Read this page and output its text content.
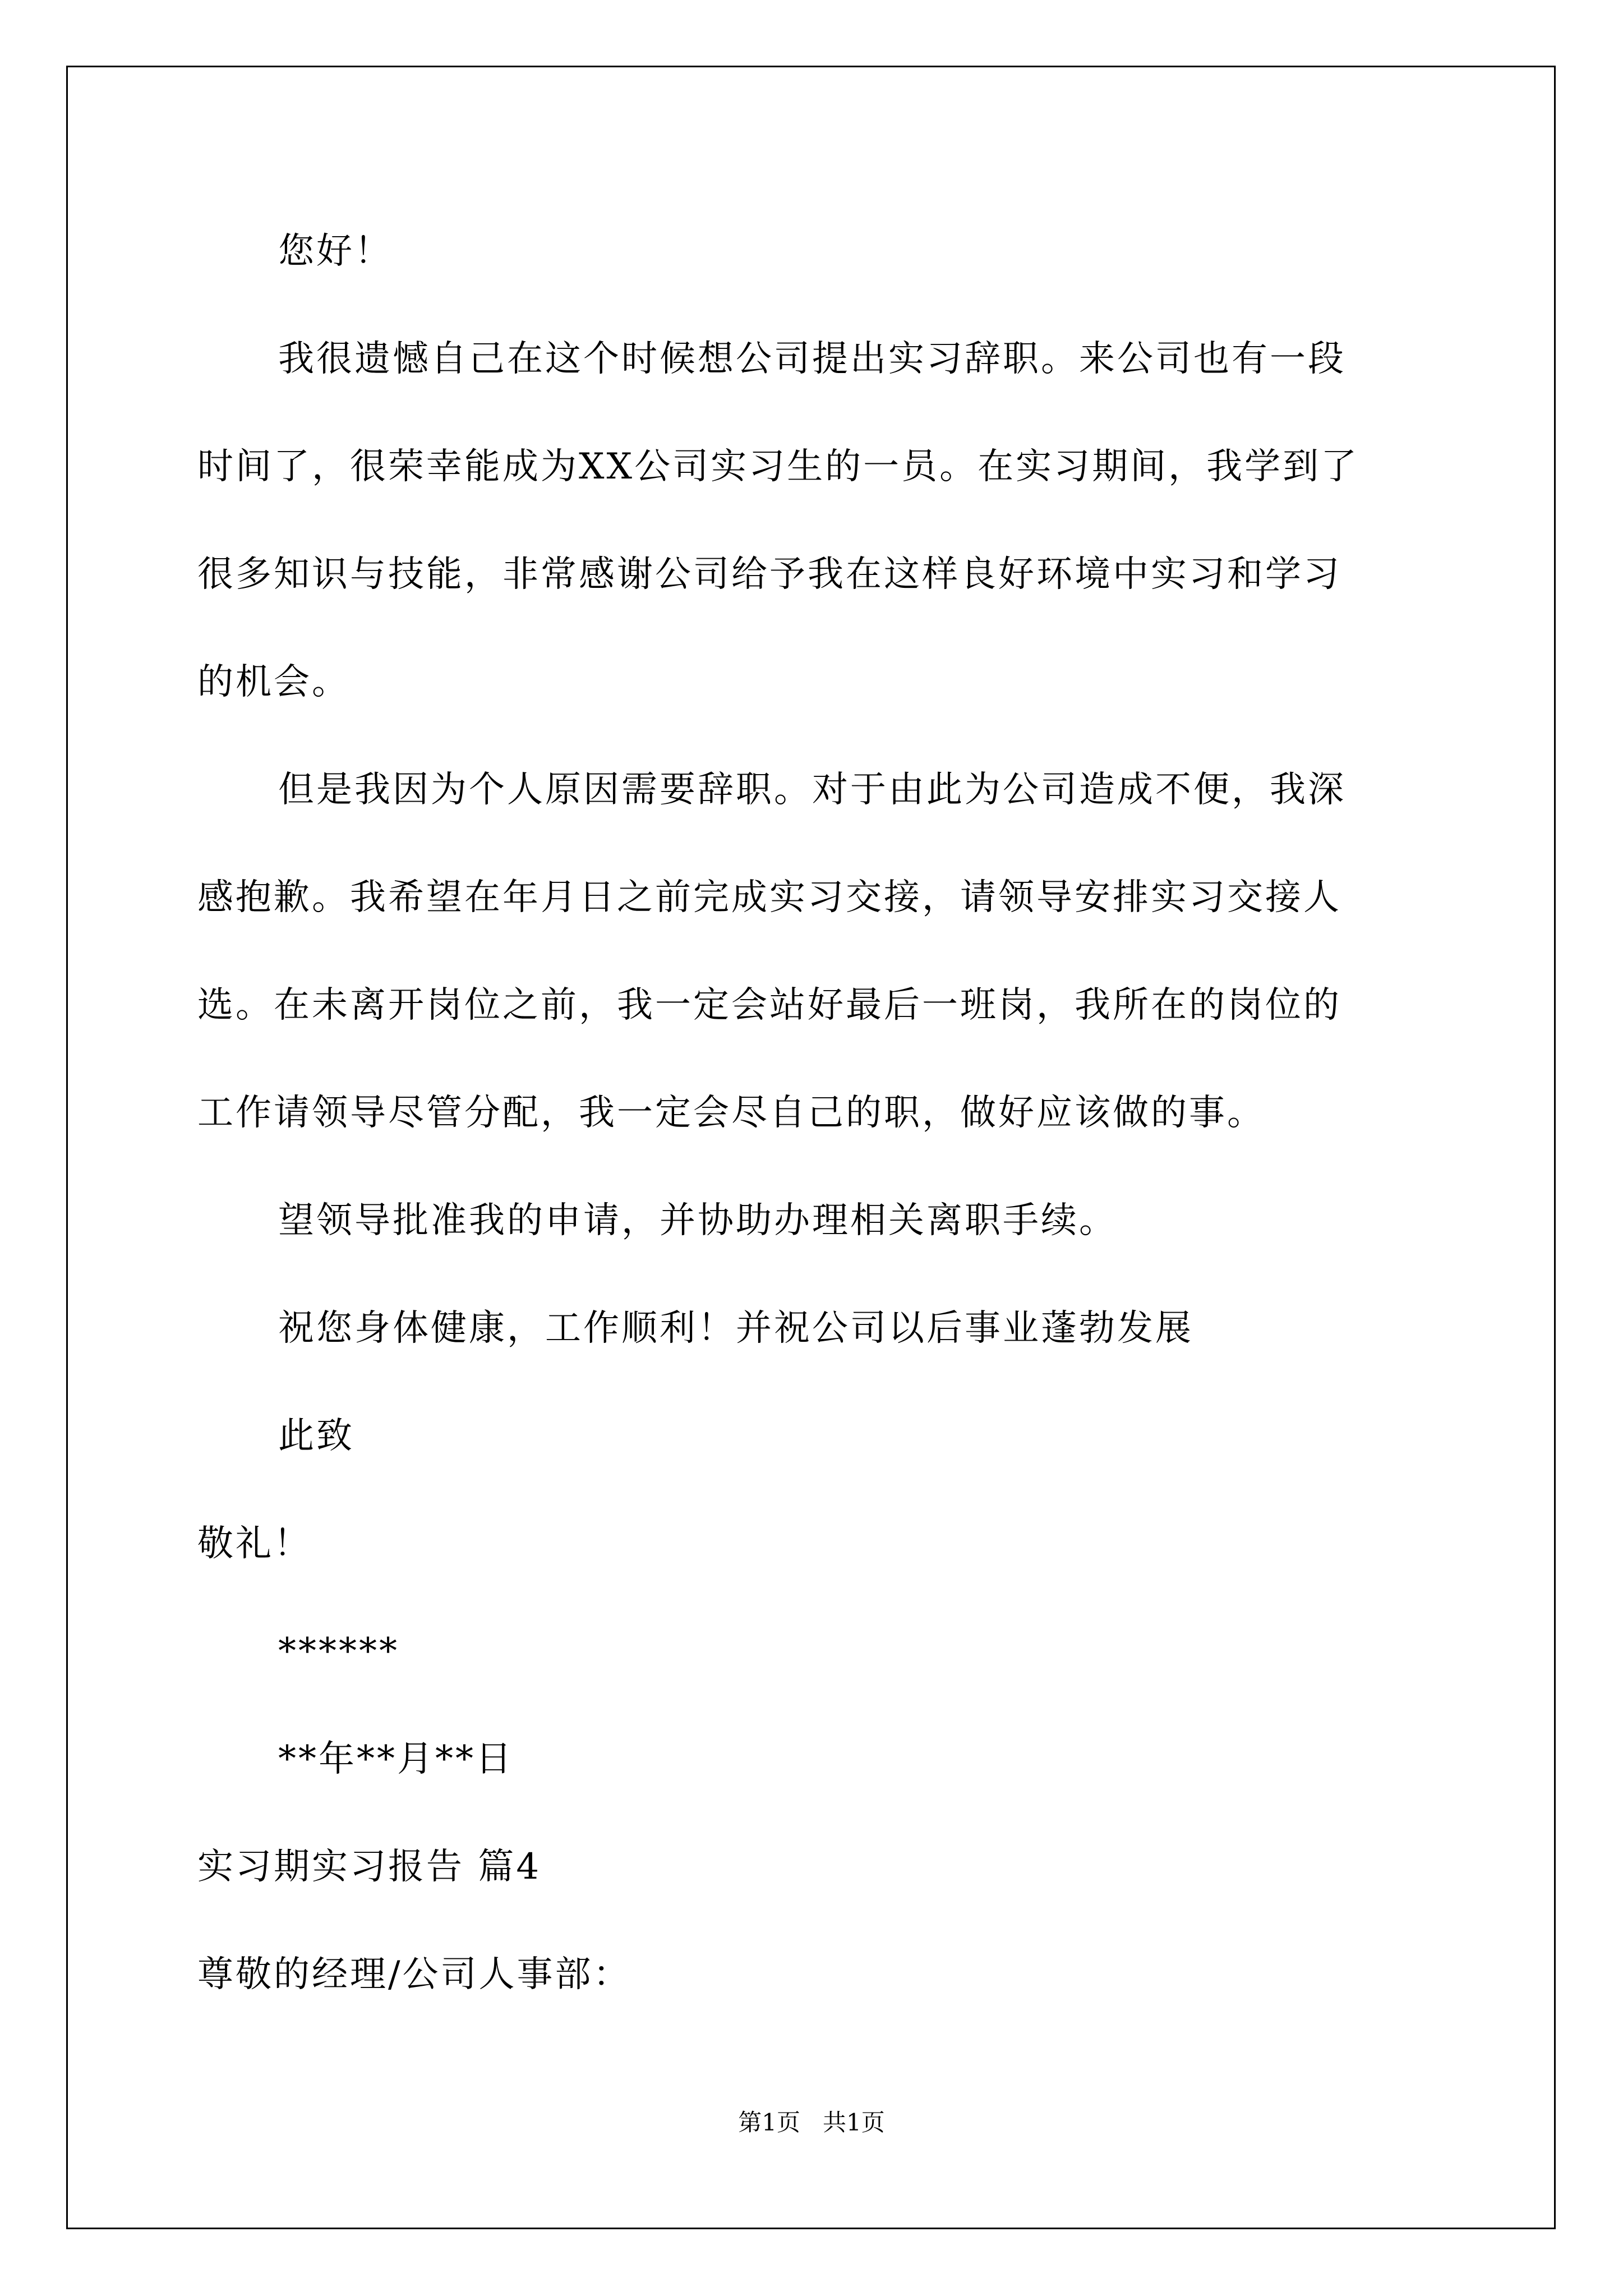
您好！
我很遗憾自己在这个时候想公司提出实习辞职。来公司也有一段
时间了，很荣幸能成为XX公司实习生的一员。在实习期间，我学到了
很多知识与技能，非常感谢公司给予我在这样良好环境中实习和学习
的机会。
但是我因为个人原因需要辞职。对于由此为公司造成不便，我深
感抱歉。我希望在年月日之前完成实习交接，请领导安排实习交接人
选。在未离开岗位之前，我一定会站好最后一班岗，我所在的岗位的
工作请领导尽管分配，我一定会尽自己的职，做好应该做的事。
望领导批准我的申请，并协助办理相关离职手续。
祝您身体健康，工作顺利！并祝公司以后事业蓬勃发展
此致
敬礼！
******
**年**月**日
实习期实习报告 篇4
尊敬的经理/公司人事部：
第1页   共1页
